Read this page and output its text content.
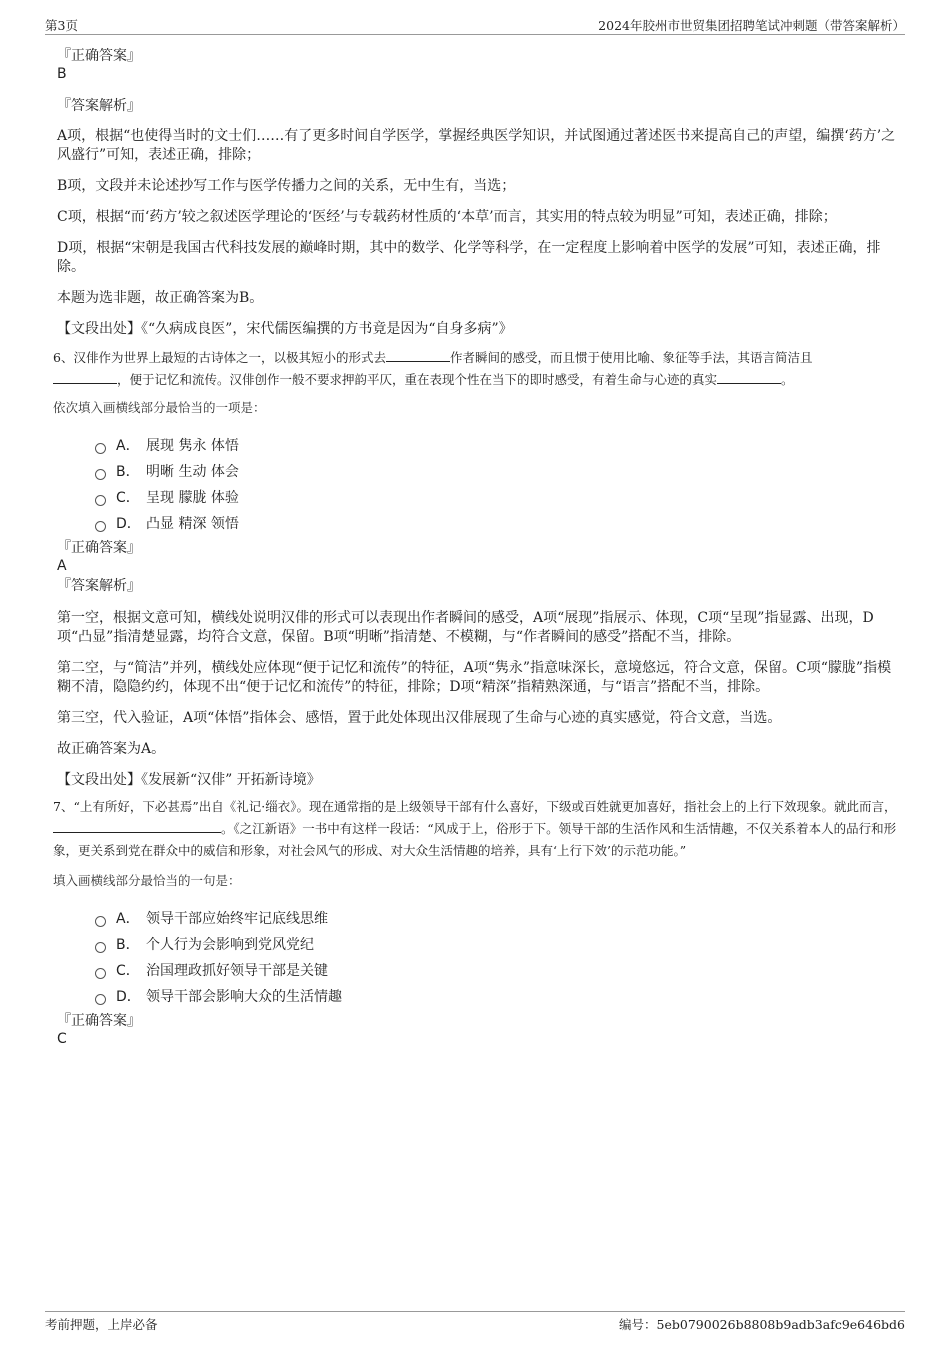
第3页	2024年胶州市世贸集团招聘笔试冲刺题（带答案解析）
『正确答案』
B
『答案解析』
A项，根据“也使得当时的文士们……有了更多时间自学医学，掌握经典医学知识，并试图通过著述医书来提高自己的声望，编撰‘药方’之风盛行”可知，表述正确，排除；
B项，文段并未论述抄写工作与医学传播力之间的关系，无中生有，当选；
C项，根据“而‘药方’较之叙述医学理论的‘医经’与专载药材性质的‘本草’而言，其实用的特点较为明显”可知，表述正确，排除；
D项，根据“宋朝是我国古代科技发展的巅峰时期，其中的数学、化学等科学，在一定程度上影响着中医学的发展”可知，表述正确，排除。
本题为选非题，故正确答案为B。
【文段出处】《“久病成良医”，宋代儒医编撰的方书竟是因为“自身多病”》
6、汉俳作为世界上最短的古诗体之一，以极其短小的形式去	作者瞬间的感受，而且惯于使用比喻、象征等手法，其语言简洁且
，便于记忆和流传。汉俳创作一般不要求押韵平仄，重在表现个性在当下的即时感受，有着生命与心迹的真实	。
依次填入画横线部分最恰当的一项是：
A． 展现 隽永 体悟
B． 明晰 生动 体会
C． 呈现 朦胧 体验
D． 凸显 精深 领悟
『正确答案』
A
『答案解析』
第一空，根据文意可知，横线处说明汉俳的形式可以表现出作者瞬间的感受，A项“展现”指展示、体现，C项“呈现”指显露、出现，D项“凸显”指清楚显露，均符合文意，保留。B项“明晰”指清楚、不模糊，与“作者瞬间的感受”搭配不当，排除。
第二空，与“简洁”并列，横线处应体现“便于记忆和流传”的特征，A项“隽永”指意味深长，意境悠远，符合文意，保留。C项“朦胧”指模糊不清，隐隐约约，体现不出“便于记忆和流传”的特征，排除；D项“精深”指精熟深通，与“语言”搭配不当，排除。
第三空，代入验证，A项“体悟”指体会、感悟，置于此处体现出汉俳展现了生命与心迹的真实感觉，符合文意，当选。
故正确答案为A。
【文段出处】《发展新“汉俳” 开拓新诗境》
7、“上有所好，下必甚焉”出自《礼记·缁衣》。现在通常指的是上级领导干部有什么喜好，下级或百姓就更加喜好，指社会上的上行下效现象。就此而言，。《之江新语》一书中有这样一段话：“风成于上，俗形于下。领导干部的生活作风和生活情趣，不仅关系着本人的品行和形象，更关系到党在群众中的威信和形象，对社会风气的形成、对大众生活情趣的培养，具有‘上行下效’的示范功能。”
填入画横线部分最恰当的一句是：
A． 领导干部应始终牢记底线思维
B． 个人行为会影响到党风党纪
C． 治国理政抓好领导干部是关键
D． 领导干部会影响大众的生活情趣
『正确答案』
C
考前押题，上岸必备	编号：5eb0790026b8808b9adb3afc9e646bd6
